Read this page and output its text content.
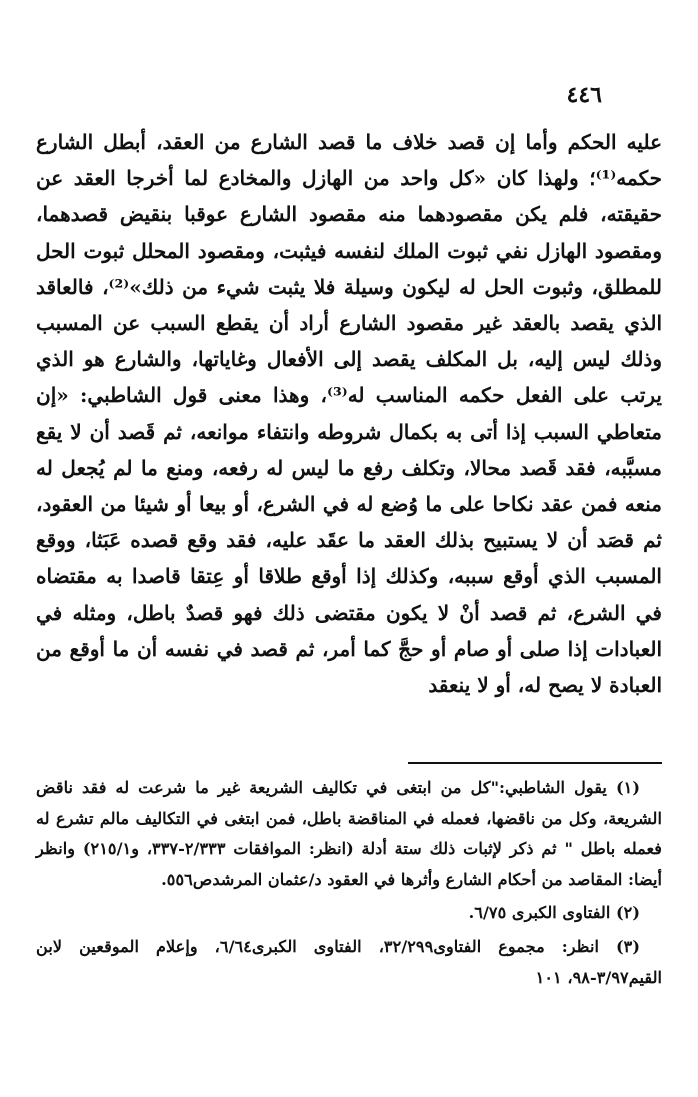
٤٤٦

عليه الحكم وأما إن قصد خلاف ما قصد الشارع من العقد، أبطل الشارع حكمه⁽¹⁾؛ ولهذا كان «كل واحد من الهازل والمخادع لما أخرجا العقد عن حقيقته، فلم يكن مقصودهما منه مقصود الشارع عوقبا بنقيض قصدهما، ومقصود الهازل نفي ثبوت الملك لنفسه فيثبت، ومقصود المحلل ثبوت الحل للمطلق، وثبوت الحل له ليكون وسيلة فلا يثبت شيء من ذلك»⁽²⁾، فالعاقد الذي يقصد بالعقد غير مقصود الشارع أراد أن يقطع السبب عن المسبب وذلك ليس إليه، بل المكلف يقصد إلى الأفعال وغاياتها، والشارع هو الذي يرتب على الفعل حكمه المناسب له⁽³⁾، وهذا معنى قول الشاطبي: «إن متعاطي السبب إذا أتى به بكمال شروطه وانتفاء موانعه، ثم قَصد أن لا يقع مسبَّبه، فقد قَصد محالا، وتكلف رفع ما ليس له رفعه، ومنع ما لم يُجعل له منعه فمن عقد نكاحا على ما وُضع له في الشرع، أو بيعا أو شيئا من العقود، ثم قصَد أن لا يستبيح بذلك العقد ما عقَد عليه، فقد وقع قصده عَبَثا، ووقع المسبب الذي أوقع سببه، وكذلك إذا أوقع طلاقا أو عِتقا قاصدا به مقتضاه في الشرع، ثم قصد أنْ لا يكون مقتضى ذلك فهو قصدٌ باطل، ومثله في العبادات إذا صلى أو صام أو حجَّ كما أمر، ثم قصد في نفسه أن ما أوقع من العبادة لا يصح له، أو لا ينعقد

(١) يقول الشاطبي:"كل من ابتغى في تكاليف الشريعة غير ما شرعت له فقد ناقض الشريعة، وكل من ناقضها، فعمله في المناقضة باطل، فمن ابتغى في التكاليف مالم تشرع له فعمله باطل " ثم ذكر لإثبات ذلك ستة أدلة (انظر: الموافقات ٢/٣٣٣-٣٣٧، و٢١٥/١) وانظر أيضا: المقاصد من أحكام الشارع وأثرها في العقود د/عثمان المرشدص٥٥٦.

(٢) الفتاوى الكبرى ٦/٧٥.

(٣) انظر: مجموع الفتاوى٣٢/٢٩٩، الفتاوى الكبرى٦/٦٤، وإعلام الموقعين لابن القيم٣/٩٧-٩٨، ١٠١
